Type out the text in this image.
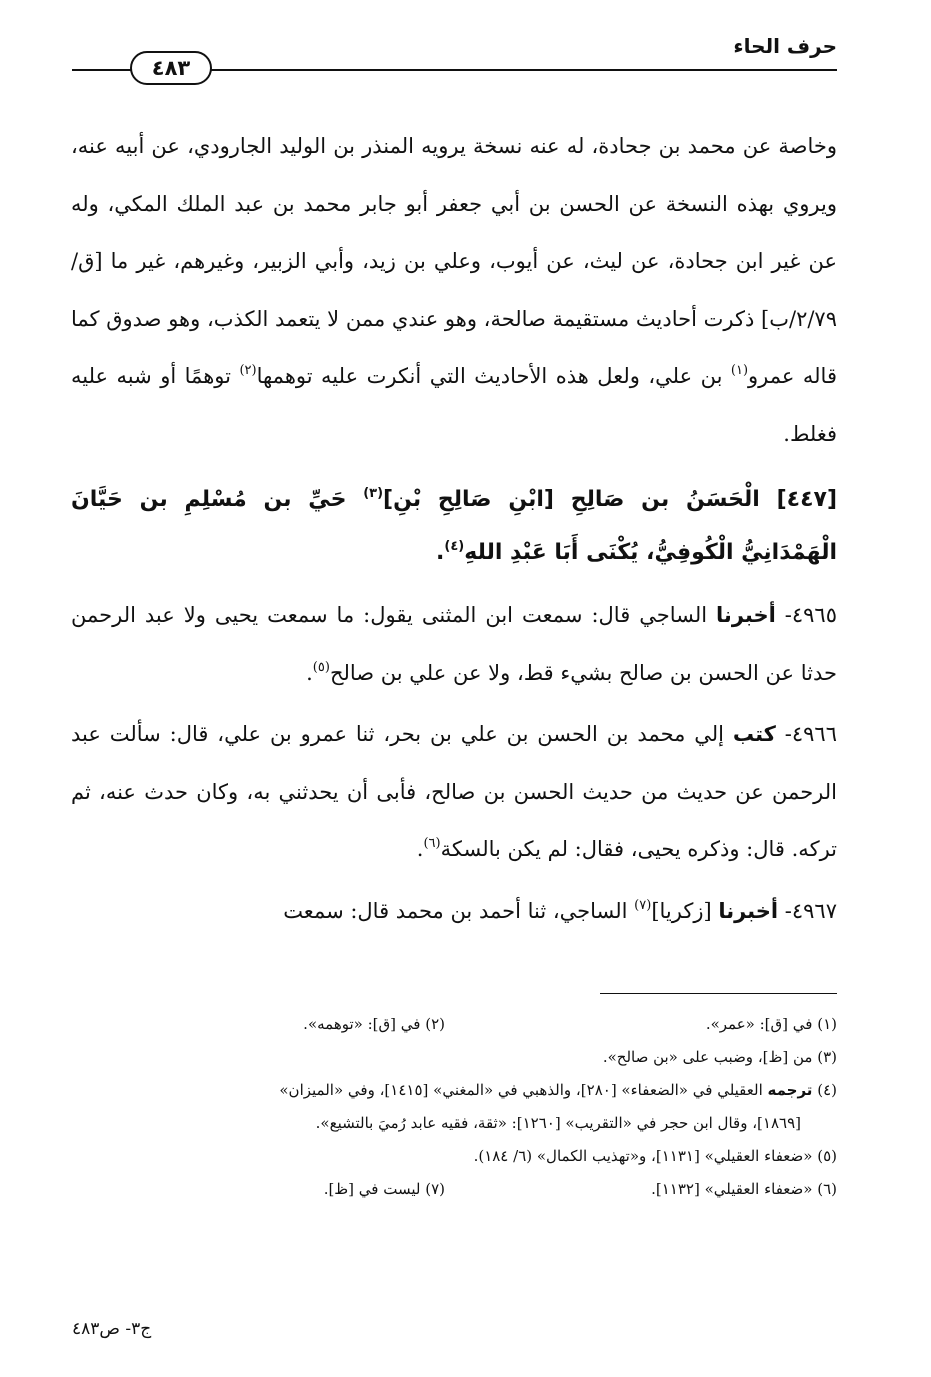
حرف الحاء
٤٨٣

وخاصة عن محمد بن جحادة، له عنه نسخة يرويه المنذر بن الوليد الجارودي، عن أبيه عنه، ويروي بهذه النسخة عن الحسن بن أبي جعفر أبو جابر محمد بن عبد الملك المكي، وله عن غير ابن جحادة، عن ليث، عن أيوب، وعلي بن زيد، وأبي الزبير، وغيرهم، غير ما [ق/٢/٧٩/ب] ذكرت أحاديث مستقيمة صالحة، وهو عندي ممن لا يتعمد الكذب، وهو صدوق كما قاله عمرو$^{(١)}$ بن علي، ولعل هذه الأحاديث التي أنكرت عليه توهمها$^{(٢)}$ توهمًا أو شبه عليه فغلط.

[٤٤٧] الْحَسَنُ بن صَالِحِ [ابْنِ صَالِحِ بْنِ]$^{(٣)}$ حَيِّ بن مُسْلِمِ بن حَيَّانَ الْهَمْدَانِيُّ الْكُوفِيُّ، يُكْنَى أَبَا عَبْدِ اللهِ$^{(٤)}$.

٤٩٦٥- أخبرنا الساجي قال: سمعت ابن المثنى يقول: ما سمعت يحيى ولا عبد الرحمن حدثا عن الحسن بن صالح بشيء قط، ولا عن علي بن صالح$^{(٥)}$.

٤٩٦٦- كتب إلي محمد بن الحسن بن علي بن بحر، ثنا عمرو بن علي، قال: سألت عبد الرحمن عن حديث من حديث الحسن بن صالح، فأبى أن يحدثني به، وكان حدث عنه، ثم تركه. قال: وذكره يحيى، فقال: لم يكن بالسكة$^{(٦)}$.

٤٩٦٧- أخبرنا [زكريا]$^{(٧)}$ الساجي، ثنا أحمد بن محمد قال: سمعت

(١) في [ق]: «عمر».
(٢) في [ق]: «توهمه».
(٣) من [ظ]، وضبب على «بن صالح».
(٤) ترجمه العقيلي في «الضعفاء» [٢٨٠]، والذهبي في «المغني» [١٤١٥]، وفي «الميزان»
[١٨٦٩]، وقال ابن حجر في «التقريب» [١٢٦٠]: «ثقة، فقيه عابد رُميَ بالتشيع».
(٥) «ضعفاء العقيلي» [١١٣١]، و«تهذيب الكمال» (٦/ ١٨٤).
(٦) «ضعفاء العقيلي» [١١٣٢].
(٧) ليست في [ظ].
ج٣- ص٤٨٣
